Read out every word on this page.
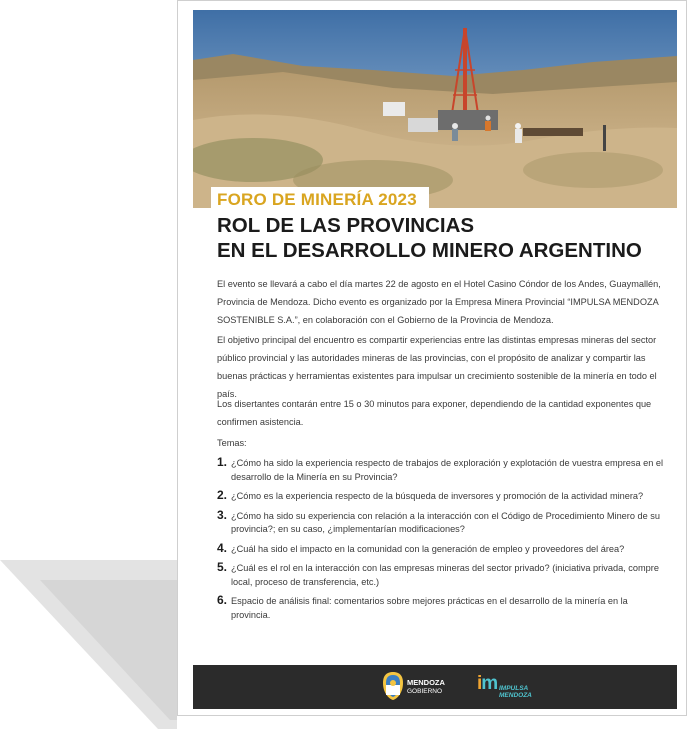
FORO DE MINERÍA 2023
ROL DE LAS PROVINCIAS
EN EL DESARROLLO MINERO ARGENTINO

El evento se llevará a cabo el día martes 22 de agosto en el Hotel Casino Cóndor de los Andes, Guaymallén, Provincia de Mendoza. Dicho evento es organizado por la Empresa Minera Provincial “IMPULSA MENDOZA SOSTENIBLE S.A.”, en colaboración con el Gobierno de la Provincia de Mendoza.

El objetivo principal del encuentro es compartir experiencias entre las distintas empresas mineras del sector público provincial y las autoridades mineras de las provincias, con el propósito de analizar y compartir las buenas prácticas y herramientas existentes para impulsar un crecimiento sostenible de la minería en todo el país.

Los disertantes contarán entre 15 o 30 minutos para exponer, dependiendo de la cantidad exponentes que confirmen asistencia.

Temas:
1. ¿Cómo ha sido la experiencia respecto de trabajos de exploración y explotación de vuestra empresa en el desarrollo de la Minería en su Provincia?
2. ¿Cómo es la experiencia respecto de la búsqueda de inversores y promoción de la actividad minera?
3. ¿Cómo ha sido su experiencia con relación a la interacción con el Código de Procedimiento Minero de su provincia?; en su caso, ¿implementarían modificaciones?
4. ¿Cuál ha sido el impacto en la comunidad con la generación de empleo y proveedores del área?
5. ¿Cuál es el rol en la interacción con las empresas mineras del sector privado? (iniciativa privada, compre local, proceso de transferencia, etc.)
6. Espacio de análisis final: comentarios sobre mejores prácticas en el desarrollo de la minería en la provincia.
MENDOZA
GOBIERNO im IMPULSA
MENDOZA
